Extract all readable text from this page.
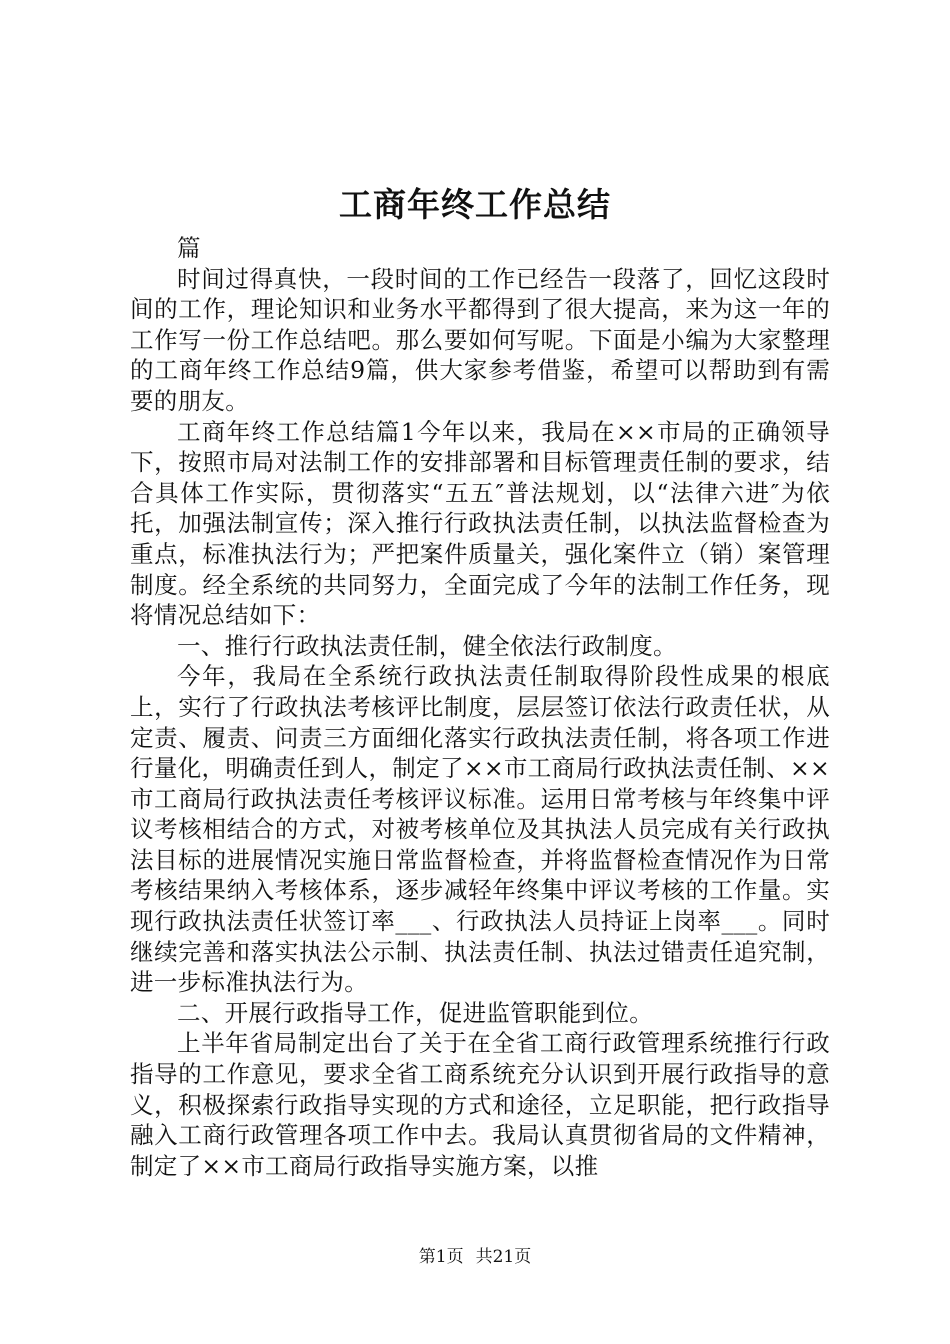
工商年终工作总结

篇

时间过得真快，一段时间的工作已经告一段落了，回忆这段时间的工作，理论知识和业务水平都得到了很大提高，来为这一年的工作写一份工作总结吧。那么要如何写呢。下面是小编为大家整理的工商年终工作总结9篇，供大家参考借鉴，希望可以帮助到有需要的朋友。

工商年终工作总结篇1今年以来，我局在××市局的正确领导下，按照市局对法制工作的安排部署和目标管理责任制的要求，结合具体工作实际，贯彻落实“五五″普法规划，以“法律六进″为依托，加强法制宣传；深入推行行政执法责任制，以执法监督检查为重点，标准执法行为；严把案件质量关，强化案件立（销）案管理制度。经全系统的共同努力，全面完成了今年的法制工作任务，现将情况总结如下：

一、推行行政执法责任制，健全依法行政制度。

今年，我局在全系统行政执法责任制取得阶段性成果的根底上，实行了行政执法考核评比制度，层层签订依法行政责任状，从定责、履责、问责三方面细化落实行政执法责任制，将各项工作进行量化，明确责任到人，制定了××市工商局行政执法责任制、××市工商局行政执法责任考核评议标准。运用日常考核与年终集中评议考核相结合的方式，对被考核单位及其执法人员完成有关行政执法目标的进展情况实施日常监督检查，并将监督检查情况作为日常考核结果纳入考核体系，逐步减轻年终集中评议考核的工作量。实现行政执法责任状签订率___、行政执法人员持证上岗率___。同时继续完善和落实执法公示制、执法责任制、执法过错责任追究制，进一步标准执法行为。

二、开展行政指导工作，促进监管职能到位。

上半年省局制定出台了关于在全省工商行政管理系统推行行政指导的工作意见，要求全省工商系统充分认识到开展行政指导的意义，积极探索行政指导实现的方式和途径，立足职能，把行政指导融入工商行政管理各项工作中去。我局认真贯彻省局的文件精神，制定了××市工商局行政指导实施方案，以推

第1页 共21页
